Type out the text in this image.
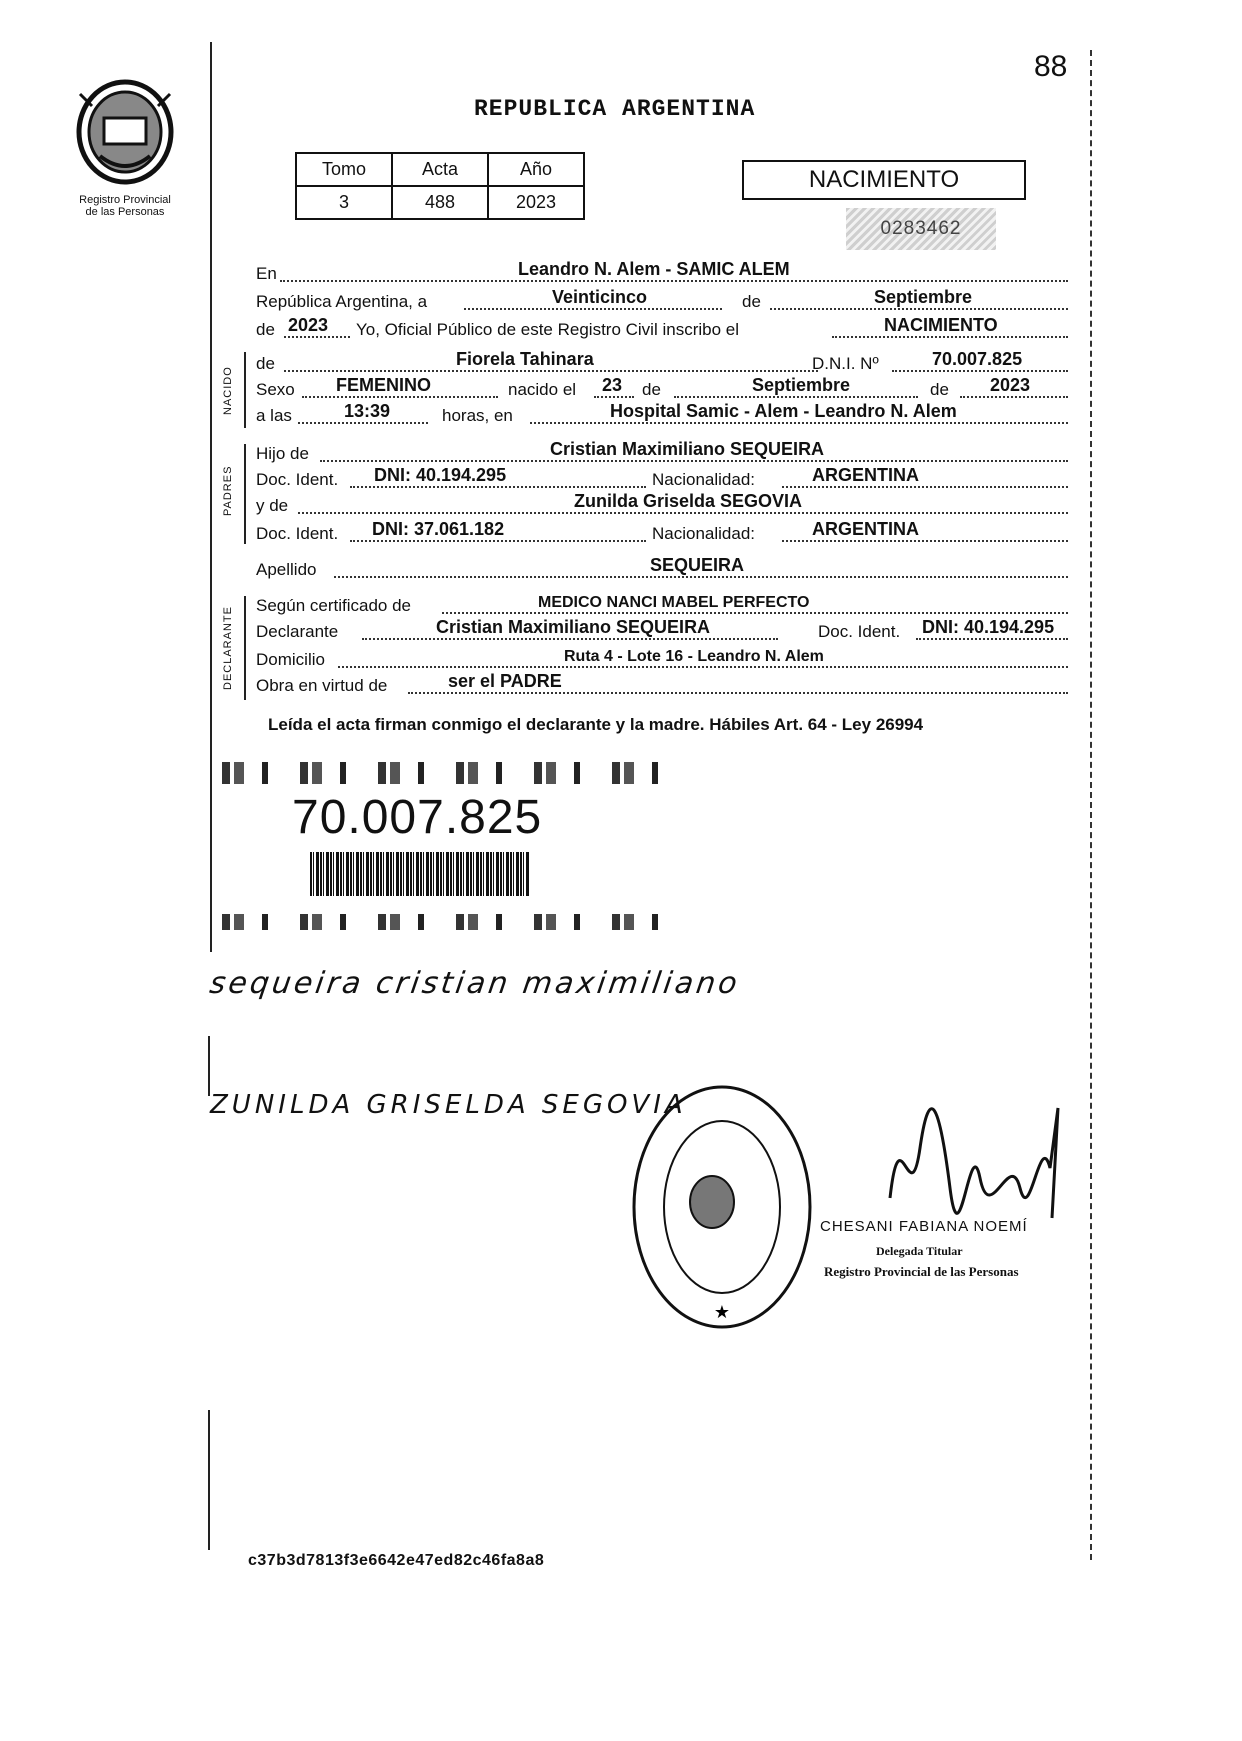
88
Registro Provincial
de las Personas
REPUBLICA ARGENTINA
Tomo	Acta	Año
3	488	2023
NACIMIENTO
0283462
En	Leandro N. Alem - SAMIC ALEM
República Argentina, a	Veinticinco	de	Septiembre
de 2023 Yo, Oficial Público de este Registro Civil inscribo el	NACIMIENTO
NACIDO
de	Fiorela Tahinara	D.N.I. Nº	70.007.825
Sexo FEMENINO	nacido el 23 de	Septiembre	de 2023
a las	13:39	horas, en	Hospital Samic - Alem - Leandro N. Alem
PADRES
Hijo de	Cristian Maximiliano SEQUEIRA
Doc. Ident. DNI: 40.194.295	Nacionalidad:	ARGENTINA
y de	Zunilda Griselda SEGOVIA
Doc. Ident. DNI: 37.061.182	Nacionalidad:	ARGENTINA
Apellido	SEQUEIRA
DECLARANTE
Según certificado de	MEDICO NANCI MABEL PERFECTO
Declarante	Cristian Maximiliano SEQUEIRA	Doc. Ident. DNI: 40.194.295
Domicilio	Ruta 4 - Lote 16 - Leandro N. Alem
Obra en virtud de	ser el PADRE
Leída el acta firman conmigo el declarante y la madre. Hábiles Art. 64 - Ley 26994
70.007.825
sequeira cristian maximiliano
ZUNILDA GRISELDA SEGOVIA
★
CHESANI FABIANA NOEMÍ
Delegada Titular
Registro Provincial de las Personas
c37b3d7813f3e6642e47ed82c46fa8a8
